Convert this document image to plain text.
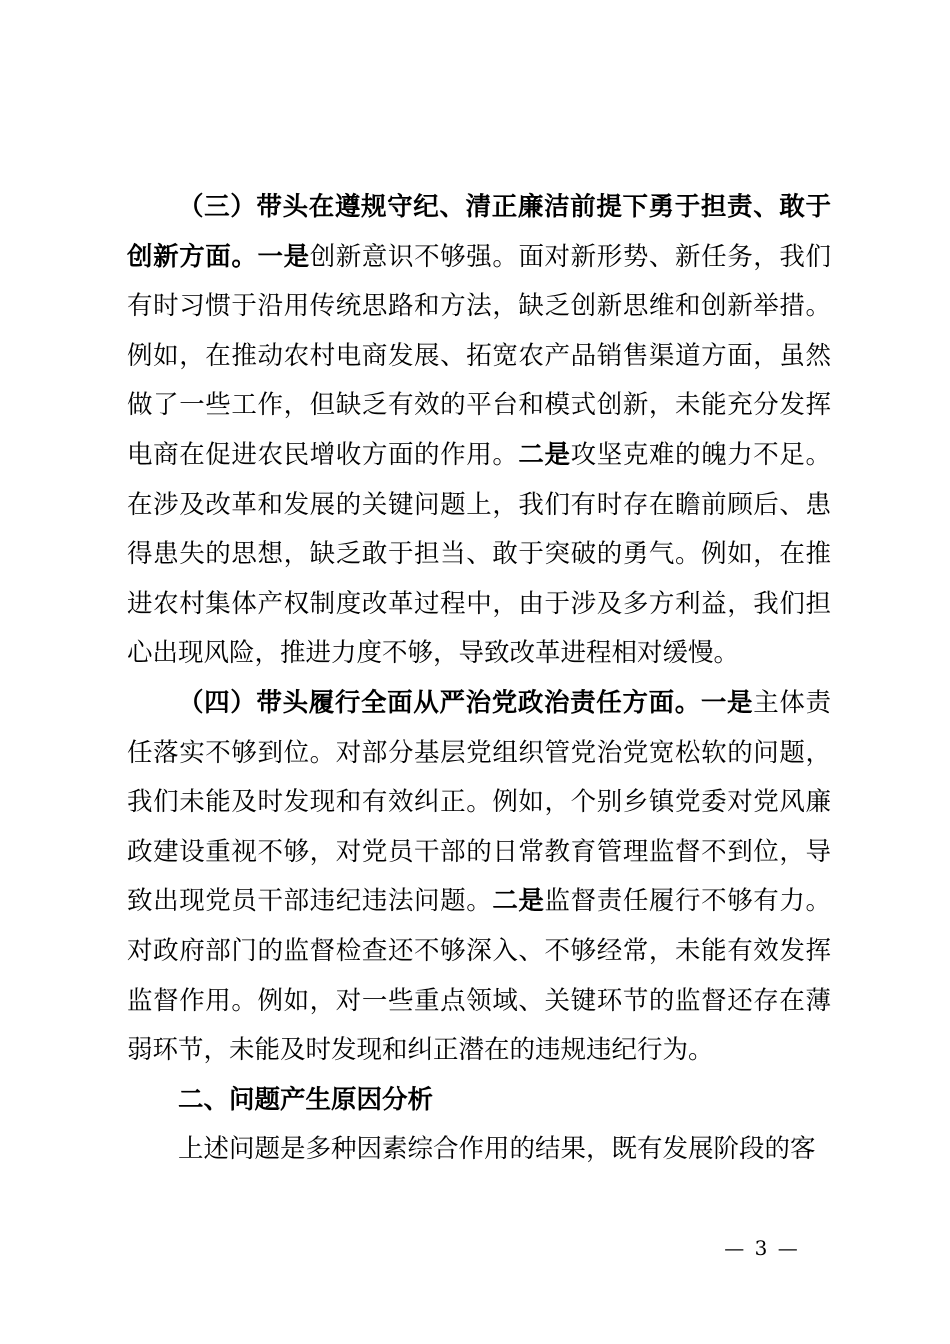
（三）带头在遵规守纪、清正廉洁前提下勇于担责、敢于创新方面。一是创新意识不够强。面对新形势、新任务，我们有时习惯于沿用传统思路和方法，缺乏创新思维和创新举措。例如，在推动农村电商发展、拓宽农产品销售渠道方面，虽然做了一些工作，但缺乏有效的平台和模式创新，未能充分发挥电商在促进农民增收方面的作用。二是攻坚克难的魄力不足。在涉及改革和发展的关键问题上，我们有时存在瞻前顾后、患得患失的思想，缺乏敢于担当、敢于突破的勇气。例如，在推进农村集体产权制度改革过程中，由于涉及多方利益，我们担心出现风险，推进力度不够，导致改革进程相对缓慢。

（四）带头履行全面从严治党政治责任方面。一是主体责任落实不够到位。对部分基层党组织管党治党宽松软的问题，我们未能及时发现和有效纠正。例如，个别乡镇党委对党风廉政建设重视不够，对党员干部的日常教育管理监督不到位，导致出现党员干部违纪违法问题。二是监督责任履行不够有力。对政府部门的监督检查还不够深入、不够经常，未能有效发挥监督作用。例如，对一些重点领域、关键环节的监督还存在薄弱环节，未能及时发现和纠正潜在的违规违纪行为。

二、问题产生原因分析

上述问题是多种因素综合作用的结果，既有发展阶段的客

— 3 —
